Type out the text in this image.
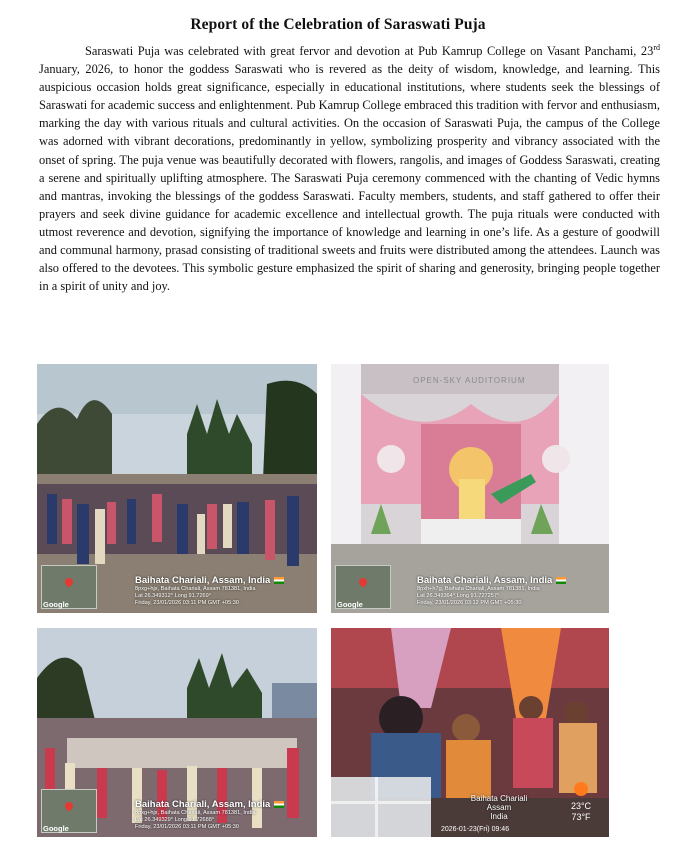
Report of the Celebration of Saraswati Puja

Saraswati Puja was celebrated with great fervor and devotion at Pub Kamrup College on Vasant Panchami, 23rd January, 2026, to honor the goddess Saraswati who is revered as the deity of wisdom, knowledge, and learning. This auspicious occasion holds great significance, especially in educational institutions, where students seek the blessings of Saraswati for academic success and enlightenment. Pub Kamrup College embraced this tradition with fervor and enthusiasm, marking the day with various rituals and cultural activities. On the occasion of Saraswati Puja, the campus of the College was adorned with vibrant decorations, predominantly in yellow, symbolizing prosperity and vibrancy associated with the onset of spring. The puja venue was beautifully decorated with flowers, rangolis, and images of Goddess Saraswati, creating a serene and spiritually uplifting atmosphere. The Saraswati Puja ceremony commenced with the chanting of Vedic hymns and mantras, invoking the blessings of the goddess Saraswati. Faculty members, students, and staff gathered to offer their prayers and seek divine guidance for academic excellence and intellectual growth. The puja rituals were conducted with utmost reverence and devotion, signifying the importance of knowledge and learning in one’s life. As a gesture of goodwill and communal harmony, prasad consisting of traditional sweets and fruits were distributed among the attendees. Launch was also offered to the devotees. This symbolic gesture emphasized the spirit of sharing and generosity, bringing people together in a spirit of unity and joy.

Google
Baihata Chariali, Assam, India
8pxg+hjx, Baihata Chariali, Assam 781381, India
Lat 26.349312° Long 91.7269°
Friday, 23/01/2026 03:11 PM GMT +05:30	Google
Baihata Chariali, Assam, India
8pxh+h7g, Baihata Chariali, Assam 781381, India
Lat 26.349364° Long 91.727257°
Friday, 23/01/2026 03:12 PM GMT +05:30
OPEN-SKY AUDITORIUM
Google
Baihata Chariali, Assam, India
8pxg+hjx, Baihata Chariali, Assam 781381, India
Lat 26.349329° Long 91.72688°
Friday, 23/01/2026 03:11 PM GMT +05:30
Baihata Chariali
Assam
India
2026-01-23(Fri) 09:46
23°C
73°F
